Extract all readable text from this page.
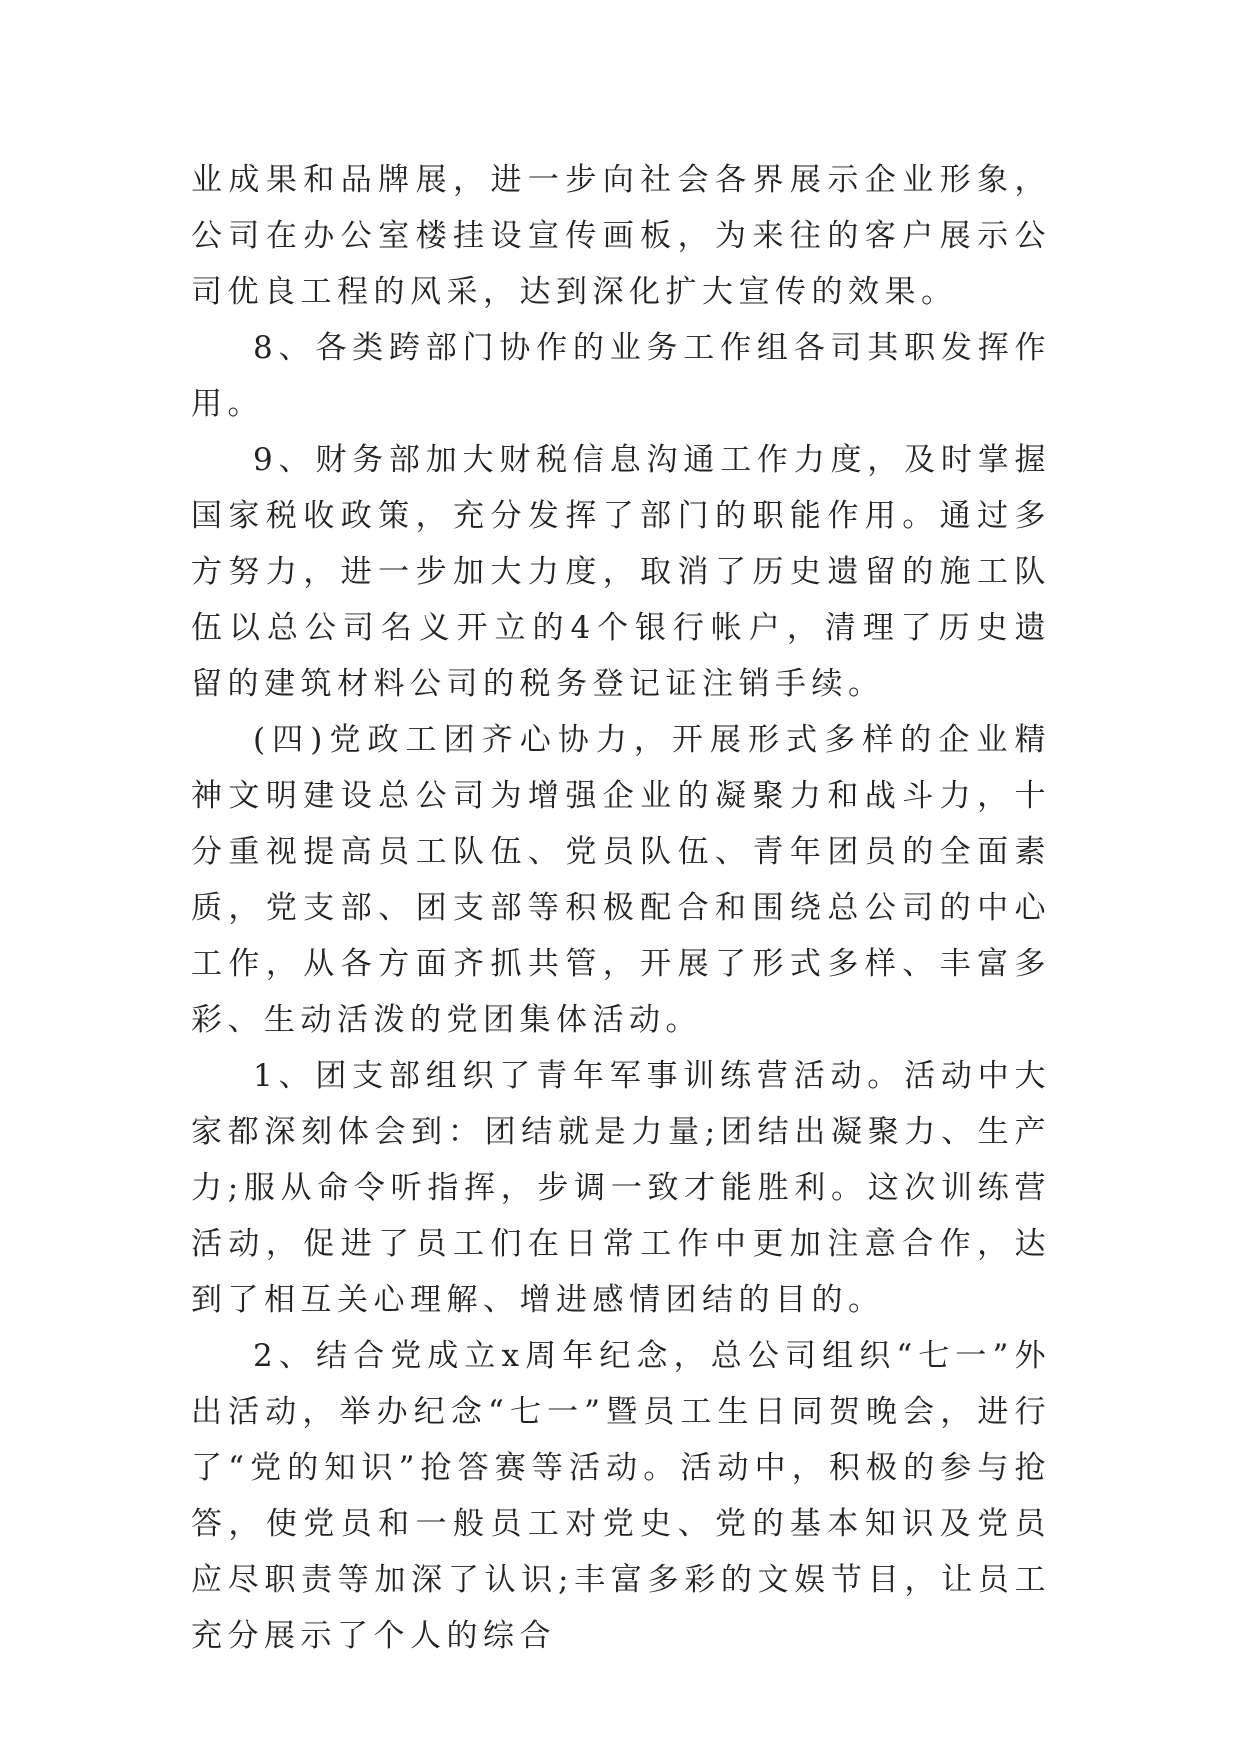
业成果和品牌展，进一步向社会各界展示企业形象，公司在办公室楼挂设宣传画板，为来往的客户展示公司优良工程的风采，达到深化扩大宣传的效果。

8、各类跨部门协作的业务工作组各司其职发挥作用。

9、财务部加大财税信息沟通工作力度，及时掌握国家税收政策，充分发挥了部门的职能作用。通过多方努力，进一步加大力度，取消了历史遗留的施工队伍以总公司名义开立的4个银行帐户，清理了历史遗留的建筑材料公司的税务登记证注销手续。

(四)党政工团齐心协力，开展形式多样的企业精神文明建设总公司为增强企业的凝聚力和战斗力，十分重视提高员工队伍、党员队伍、青年团员的全面素质，党支部、团支部等积极配合和围绕总公司的中心工作，从各方面齐抓共管，开展了形式多样、丰富多彩、生动活泼的党团集体活动。

1、团支部组织了青年军事训练营活动。活动中大家都深刻体会到：团结就是力量;团结出凝聚力、生产力;服从命令听指挥，步调一致才能胜利。这次训练营活动，促进了员工们在日常工作中更加注意合作，达到了相互关心理解、增进感情团结的目的。

2、结合党成立x周年纪念，总公司组织“七一”外出活动，举办纪念“七一”暨员工生日同贺晚会，进行了“党的知识”抢答赛等活动。活动中，积极的参与抢答，使党员和一般员工对党史、党的基本知识及党员应尽职责等加深了认识;丰富多彩的文娱节目，让员工充分展示了个人的综合
